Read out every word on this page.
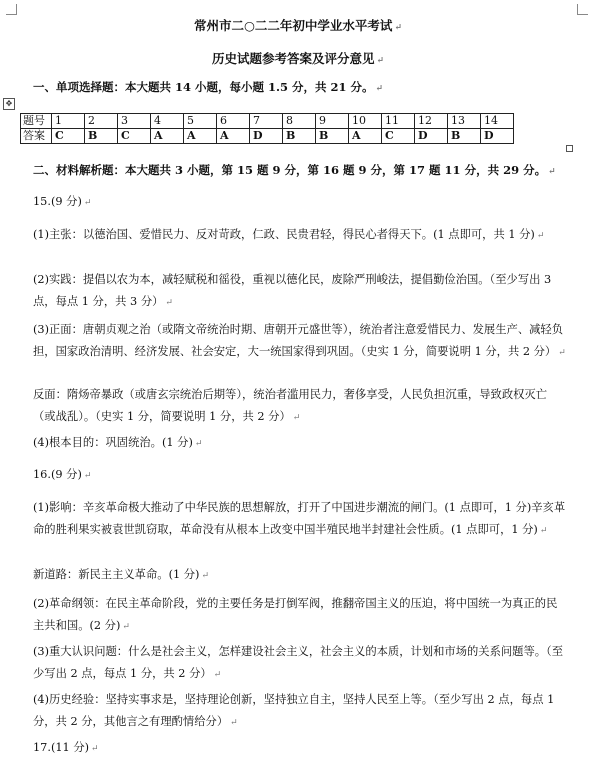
常州市二○二二年初中学业水平考试 ↵
历史试题参考答案及评分意见 ↵
一、单项选择题：本大题共 14 小题，每小题 1.5 分，共 21 分。 ↵
✥
题号	1	2	3	4	5	6	7	8	9	10	11	12	13	14
答案	C	B	C	A	A	A	D	B	B	A	C	D	B	D
二、材料解析题：本大题共 3 小题，第 15 题 9 分，第 16 题 9 分，第 17 题 11 分，共 29 分。 ↵
15.(9 分) ↵
(1)主张：以德治国、爱惜民力、反对苛政，仁政、民贵君轻，得民心者得天下。(1 点即可，共 1 分) ↵
(2)实践：提倡以农为本，减轻赋税和徭役，重视以德化民，废除严刑峻法，提倡勤俭治国。（至少写出 3 点，每点 1 分，共 3 分） ↵
(3)正面：唐朝贞观之治（或隋文帝统治时期、唐朝开元盛世等），统治者注意爱惜民力、发展生产、减轻负担，国家政治清明、经济发展、社会安定，大一统国家得到巩固。（史实 1 分，简要说明 1 分，共 2 分） ↵
反面：隋炀帝暴政（或唐玄宗统治后期等），统治者滥用民力，奢侈享受，人民负担沉重，导致政权灭亡（或战乱）。（史实 1 分，简要说明 1 分，共 2 分） ↵
(4)根本目的：巩固统治。(1 分) ↵
16.(9 分) ↵
(1)影响：辛亥革命极大推动了中华民族的思想解放，打开了中国进步潮流的闸门。(1 点即可，1 分)辛亥革命的胜利果实被袁世凯窃取，革命没有从根本上改变中国半殖民地半封建社会性质。(1 点即可，1 分) ↵
新道路：新民主主义革命。(1 分) ↵
(2)革命纲领：在民主革命阶段，党的主要任务是打倒军阀，推翻帝国主义的压迫，将中国统一为真正的民主共和国。(2 分) ↵
(3)重大认识问题：什么是社会主义，怎样建设社会主义，社会主义的本质，计划和市场的关系问题等。（至少写出 2 点，每点 1 分，共 2 分） ↵
(4)历史经验：坚持实事求是，坚持理论创新，坚持独立自主，坚持人民至上等。（至少写出 2 点，每点 1 分，共 2 分，其他言之有理酌情给分） ↵
17.(11 分) ↵
